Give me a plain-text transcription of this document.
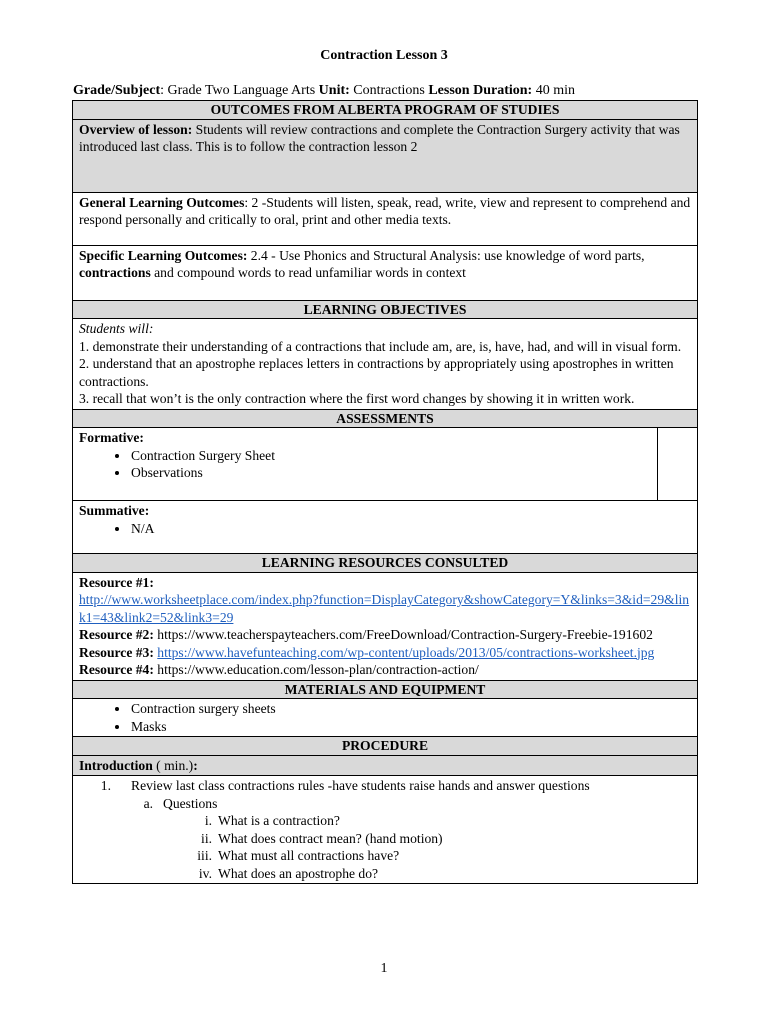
Contraction Lesson 3
Grade/Subject: Grade Two Language Arts Unit: Contractions Lesson Duration: 40 min
OUTCOMES FROM ALBERTA PROGRAM OF STUDIES
Overview of lesson: Students will review contractions and complete the Contraction Surgery activity that was introduced last class. This is to follow the contraction lesson 2
General Learning Outcomes: 2 -Students will listen, speak, read, write, view and represent to comprehend and respond personally and critically to oral, print and other media texts.
Specific Learning Outcomes: 2.4 - Use Phonics and Structural Analysis: use knowledge of word parts, contractions and compound words to read unfamiliar words in context
LEARNING OBJECTIVES

Students will:
1. demonstrate their understanding of a contractions that include am, are, is, have, had, and will in visual form.
2. understand that an apostrophe replaces letters in contractions by appropriately using apostrophes in written contractions.
3. recall that won’t is the only contraction where the first word changes by showing it in written work.

ASSESSMENTS

Formative:
• Contraction Surgery Sheet
• Observations

Summative:
• N/A

LEARNING RESOURCES CONSULTED

Resource #1:
http://www.worksheetplace.com/index.php?function=DisplayCategory&showCategory=Y&links=3&id=29&link1=43&link2=52&link3=29
Resource #2: https://www.teacherspayteachers.com/FreeDownload/Contraction-Surgery-Freebie-191602
Resource #3: https://www.havefunteaching.com/wp-content/uploads/2013/05/contractions-worksheet.jpg
Resource #4: https://www.education.com/lesson-plan/contraction-action/

MATERIALS AND EQUIPMENT

• Contraction surgery sheets
• Masks

PROCEDURE
Introduction ( min.):

1.	Review last class contractions rules -have students raise hands and answer questions
a. Questions
i. What is a contraction?
ii. What does contract mean? (hand motion)
iii. What must all contractions have?
iv. What does an apostrophe do?
1
